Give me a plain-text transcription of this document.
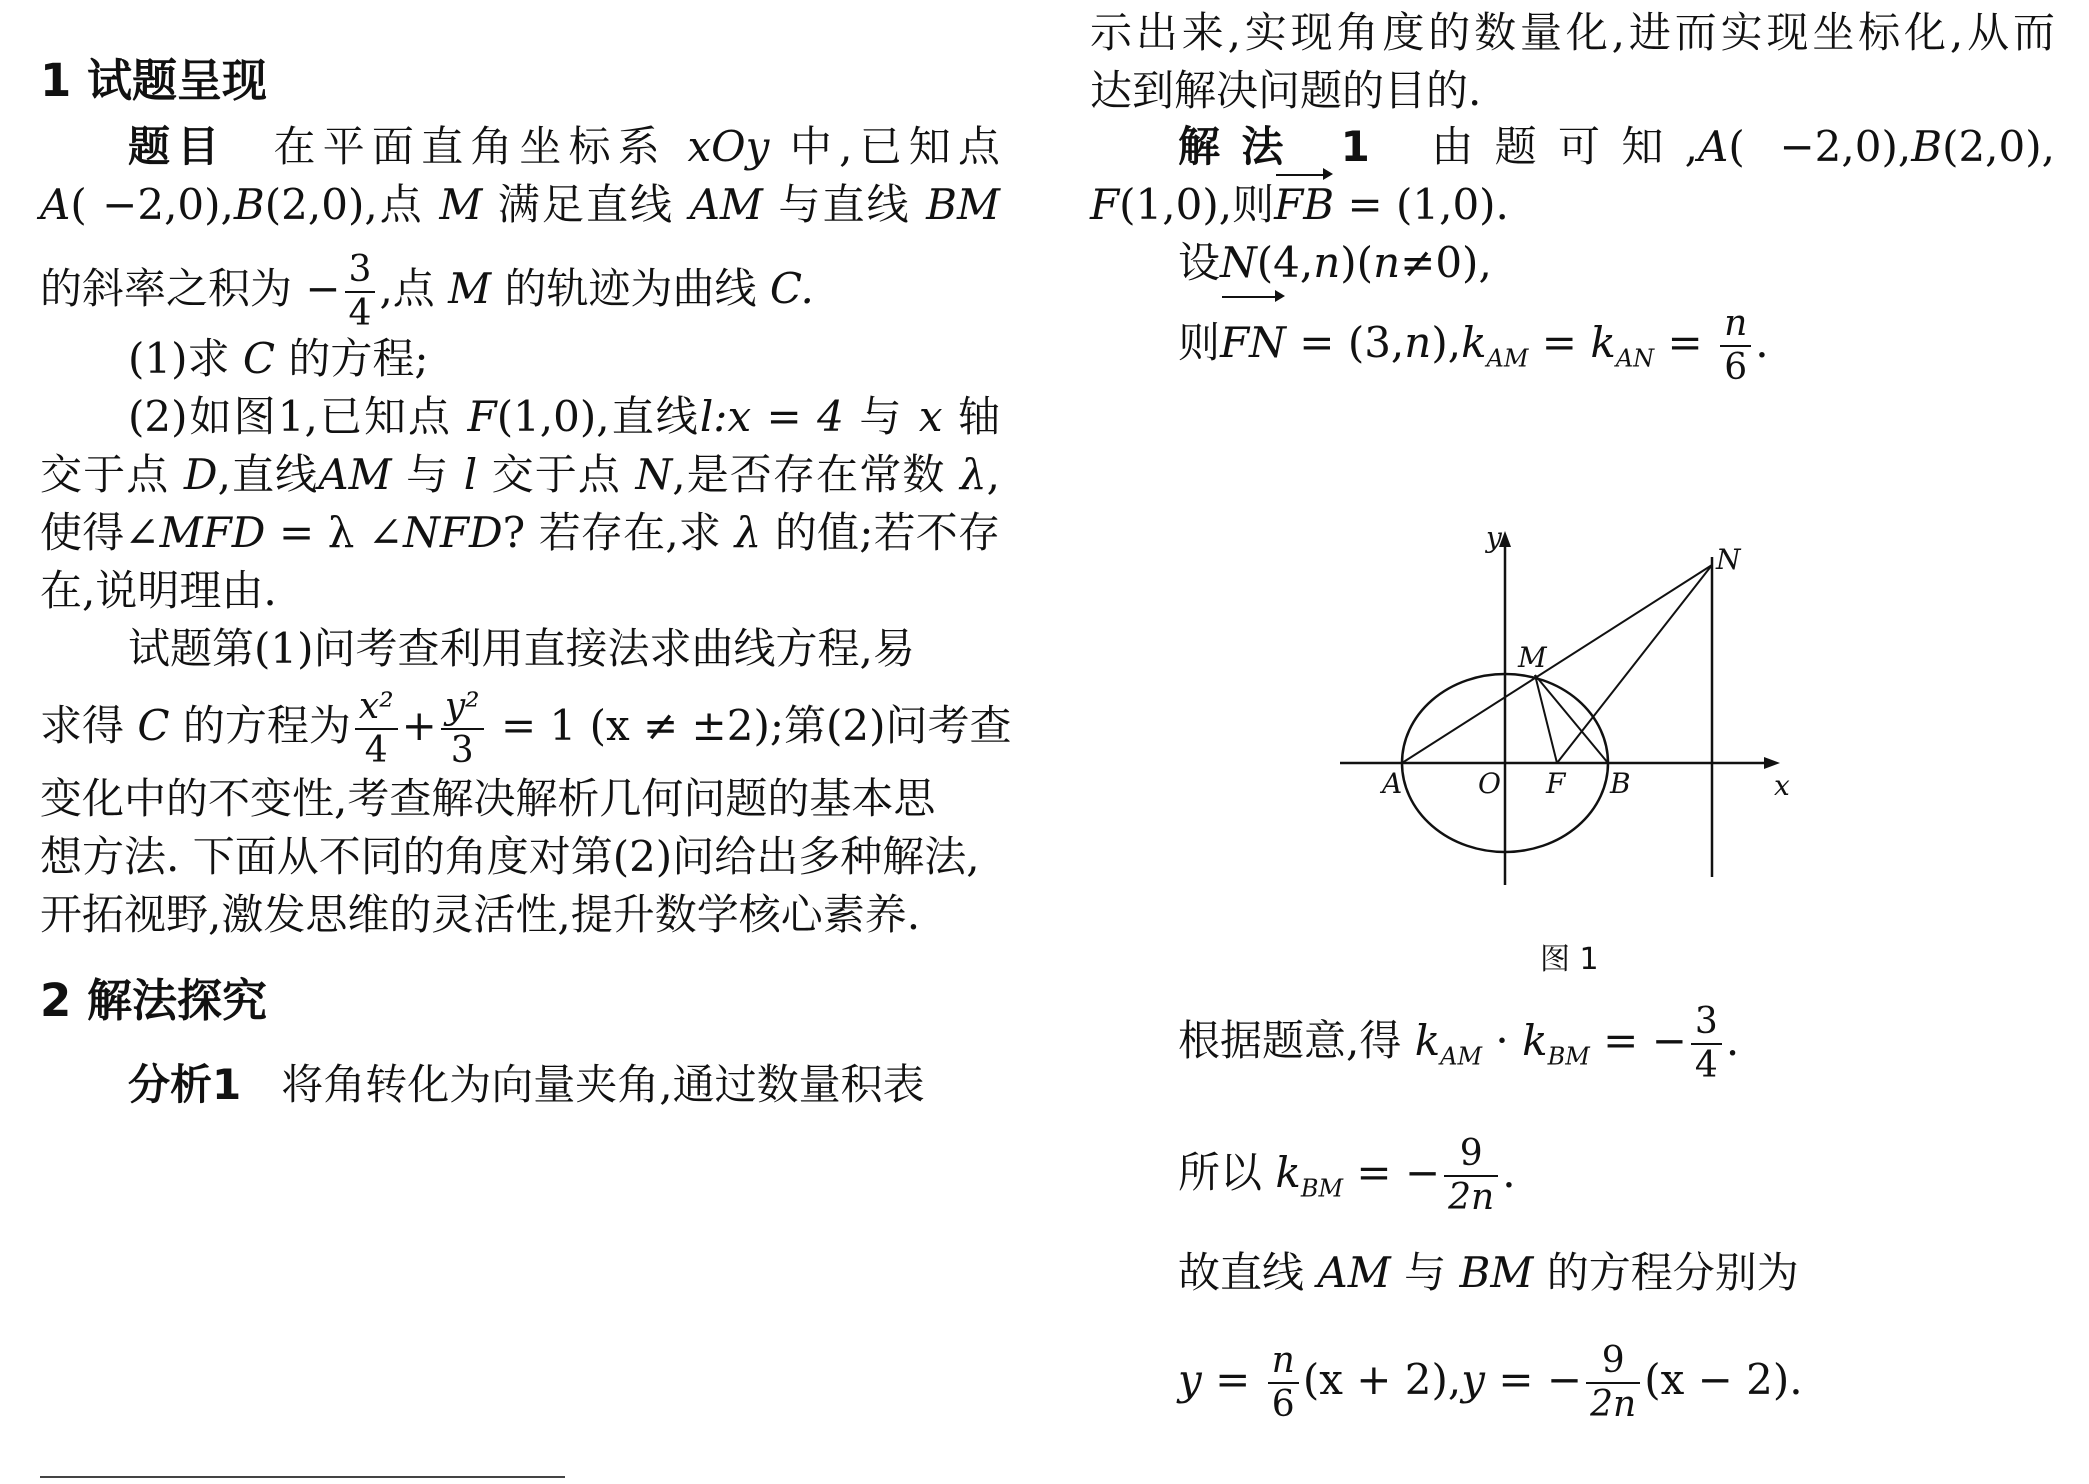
1 试题呈现
题目 在平面直角坐标系 xOy 中,已知点
A( −2,0),B(2,0),点 M 满足直线 AM 与直线 BM
的斜率之积为 − $\frac{3}{4}$ ,点 M 的轨迹为曲线 C.
(1)求 C 的方程;
(2)如图1,已知点 F(1,0),直线l:x = 4 与 x 轴
交于点 D,直线AM 与 l 交于点 N,是否存在常数 λ,
使得∠MFD = λ ∠NFD? 若存在,求 λ 的值;若不存
在,说明理由.
试题第(1)问考查利用直接法求曲线方程,易
求得 C 的方程为 $\frac{\text{x²}}{4} + \frac{\text{y²}}{3} = 1$ (x ≠ ±2);第(2)问考查
变化中的不变性,考查解决解析几何问题的基本思
想方法. 下面从不同的角度对第(2)问给出多种解法,
开拓视野,激发思维的灵活性,提升数学核心素养.
2 解法探究
分析1 将角转化为向量夹角,通过数量积表
示出来,实现角度的数量化,进而实现坐标化,从而
达到解决问题的目的.
解法 1 由题可知,A( −2,0),B(2,0),
F(1,0),则FB = (1,0).
设N(4,n)(n≠0),
则FN = $(3,n),k_{AM} = k_{AN} = \frac{n}{6}$ .
y
x
N
M
A	O F B
图 1
根据题意,得 $k_{AM} \cdot k_{BM}$ = − $\frac{3}{4}$ .
所以 $k_{BM}$ = − $\frac{9}{2n}$ .
故直线 AM 与 BM 的方程分别为
$y = \frac{n}{6} (x + 2),y$ = − $\frac{9}{2n} (x - 2)$.
